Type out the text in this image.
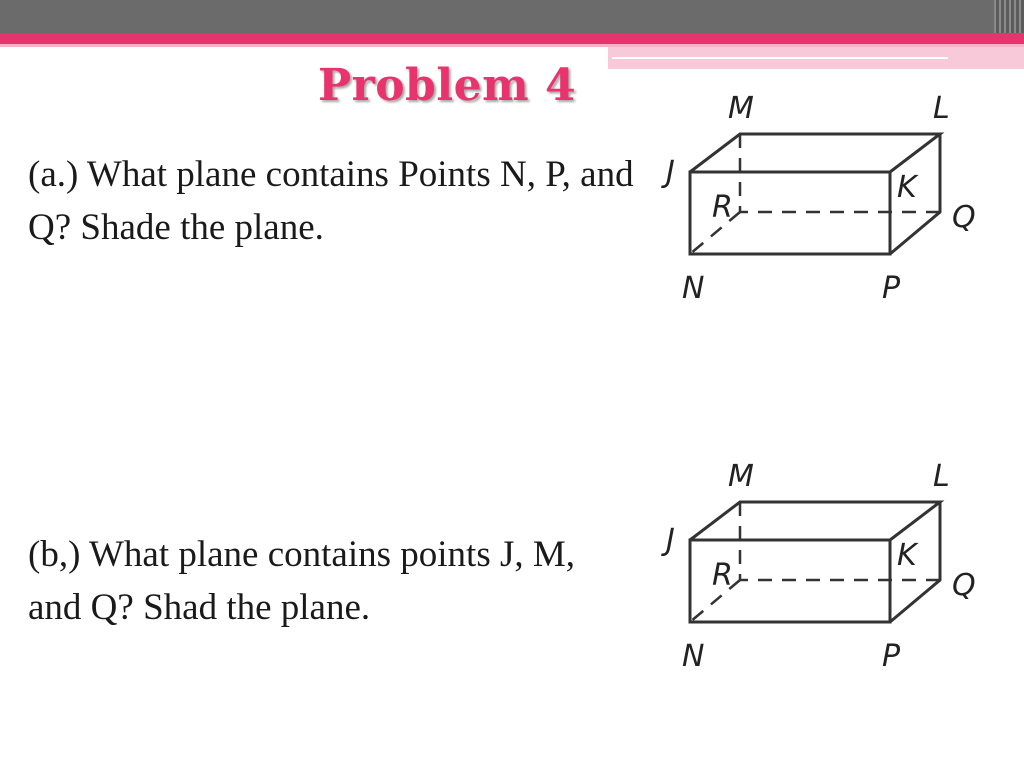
Problem 4

(a.) What plane contains Points N, P, and Q? Shade the plane.

(b,) What plane contains points J, M, and Q? Shad the plane.

M	L
J	K
R	Q
N	P
M	L
J	K
R	Q
N	P
